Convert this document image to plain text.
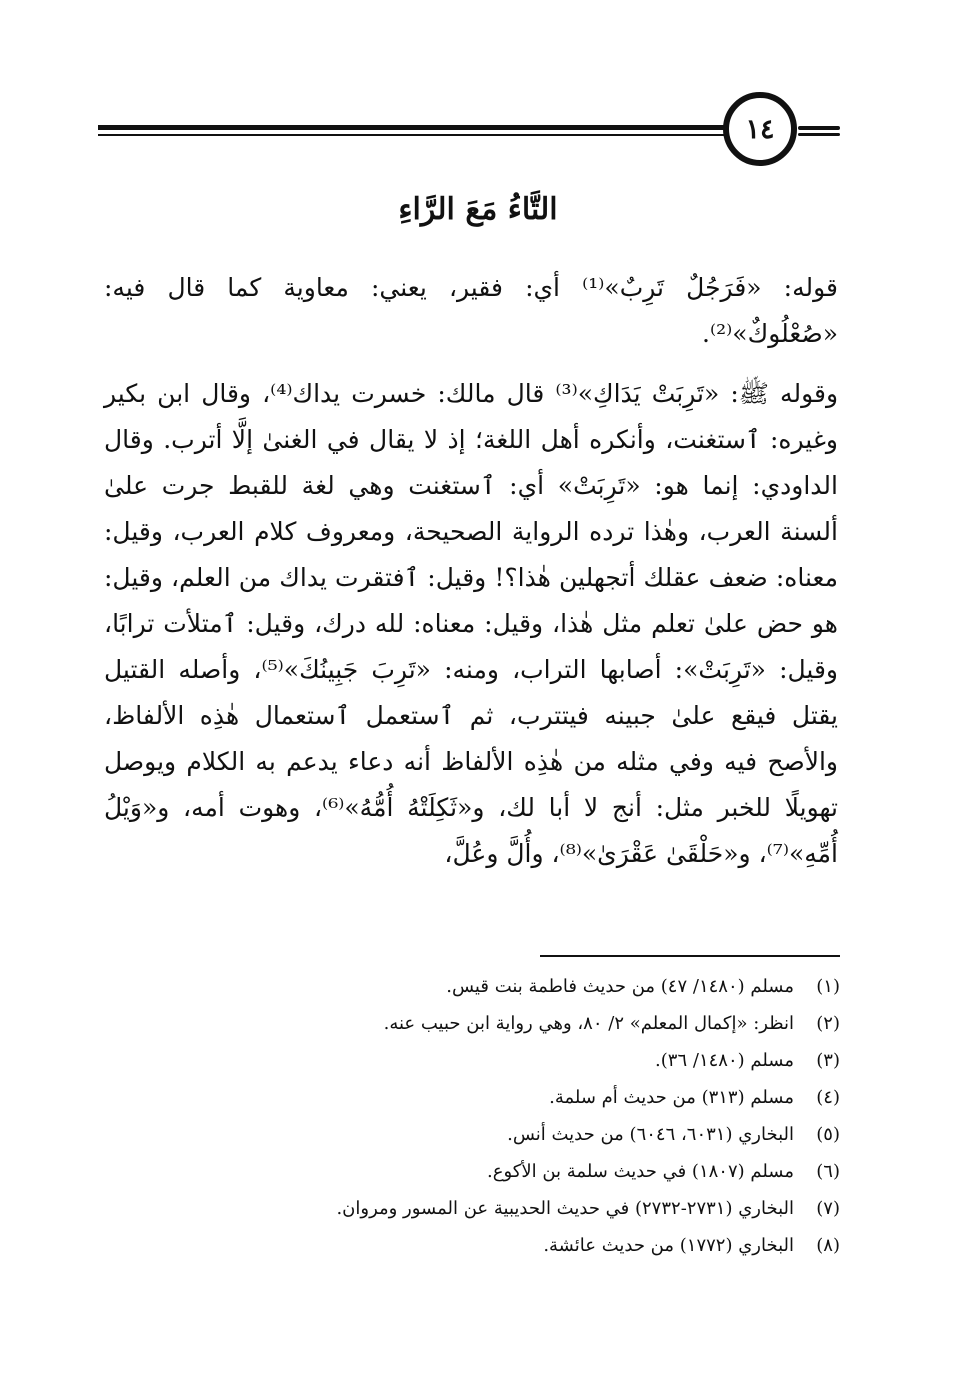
١٤
التَّاءُ مَعَ الرَّاءِ

قوله: «فَرَجُلٌ تَرِبٌ»⁽¹⁾ أي: فقير، يعني: معاوية كما قال فيه: «صُعْلُوكٌ»⁽²⁾.

وقوله ﷺ: «تَرِبَتْ يَدَاكِ»⁽³⁾ قال مالك: خسرت يداك⁽⁴⁾، وقال ابن بكير وغيره: ٱستغنت، وأنكره أهل اللغة؛ إذ لا يقال في الغنىٰ إلَّا أترب. وقال الداودي: إنما هو: «تَرِبَتْ» أي: ٱستغنت وهي لغة للقبط جرت علىٰ ألسنة العرب، وهٰذا ترده الرواية الصحيحة، ومعروف كلام العرب، وقيل: معناه: ضعف عقلك أتجهلين هٰذا؟! وقيل: ٱفتقرت يداك من العلم، وقيل: هو حض علىٰ تعلم مثل هٰذا، وقيل: معناه: لله درك، وقيل: ٱمتلأت ترابًا، وقيل: «تَرِبَتْ»: أصابها التراب، ومنه: «تَرِبَ جَبِينُكَ»⁽⁵⁾، وأصله القتيل يقتل فيقع علىٰ جبينه فيتترب، ثم ٱستعمل ٱستعمال هٰذِه الألفاظ، والأصح فيه وفي مثله من هٰذِه الألفاظ أنه دعاء يدعم به الكلام ويوصل تهويلًا للخبر مثل: أنج لا أبا لك، و«ثَكِلَتْهُ أُمُّهُ»⁽⁶⁾، وهوت أمه، و«وَيْلُ أُمِّهِ»⁽⁷⁾، و«حَلْقَىٰ عَقْرَىٰ»⁽⁸⁾، وأُلَّ وعُلَّ،

(١)
مسلم (١٤٨٠/ ٤٧) من حديث فاطمة بنت قيس.
(٢)
انظر: «إكمال المعلم» ٢/ ٨٠، وهي رواية ابن حبيب عنه.
(٣)
مسلم (١٤٨٠/ ٣٦).
(٤)
مسلم (٣١٣) من حديث أم سلمة.
(٥)
البخاري (٦٠٣١، ٦٠٤٦) من حديث أنس.
(٦)
مسلم (١٨٠٧) في حديث سلمة بن الأكوع.
(٧)
البخاري (٢٧٣١-٢٧٣٢) في حديث الحديبية عن المسور ومروان.
(٨)
البخاري (١٧٧٢) من حديث عائشة.
